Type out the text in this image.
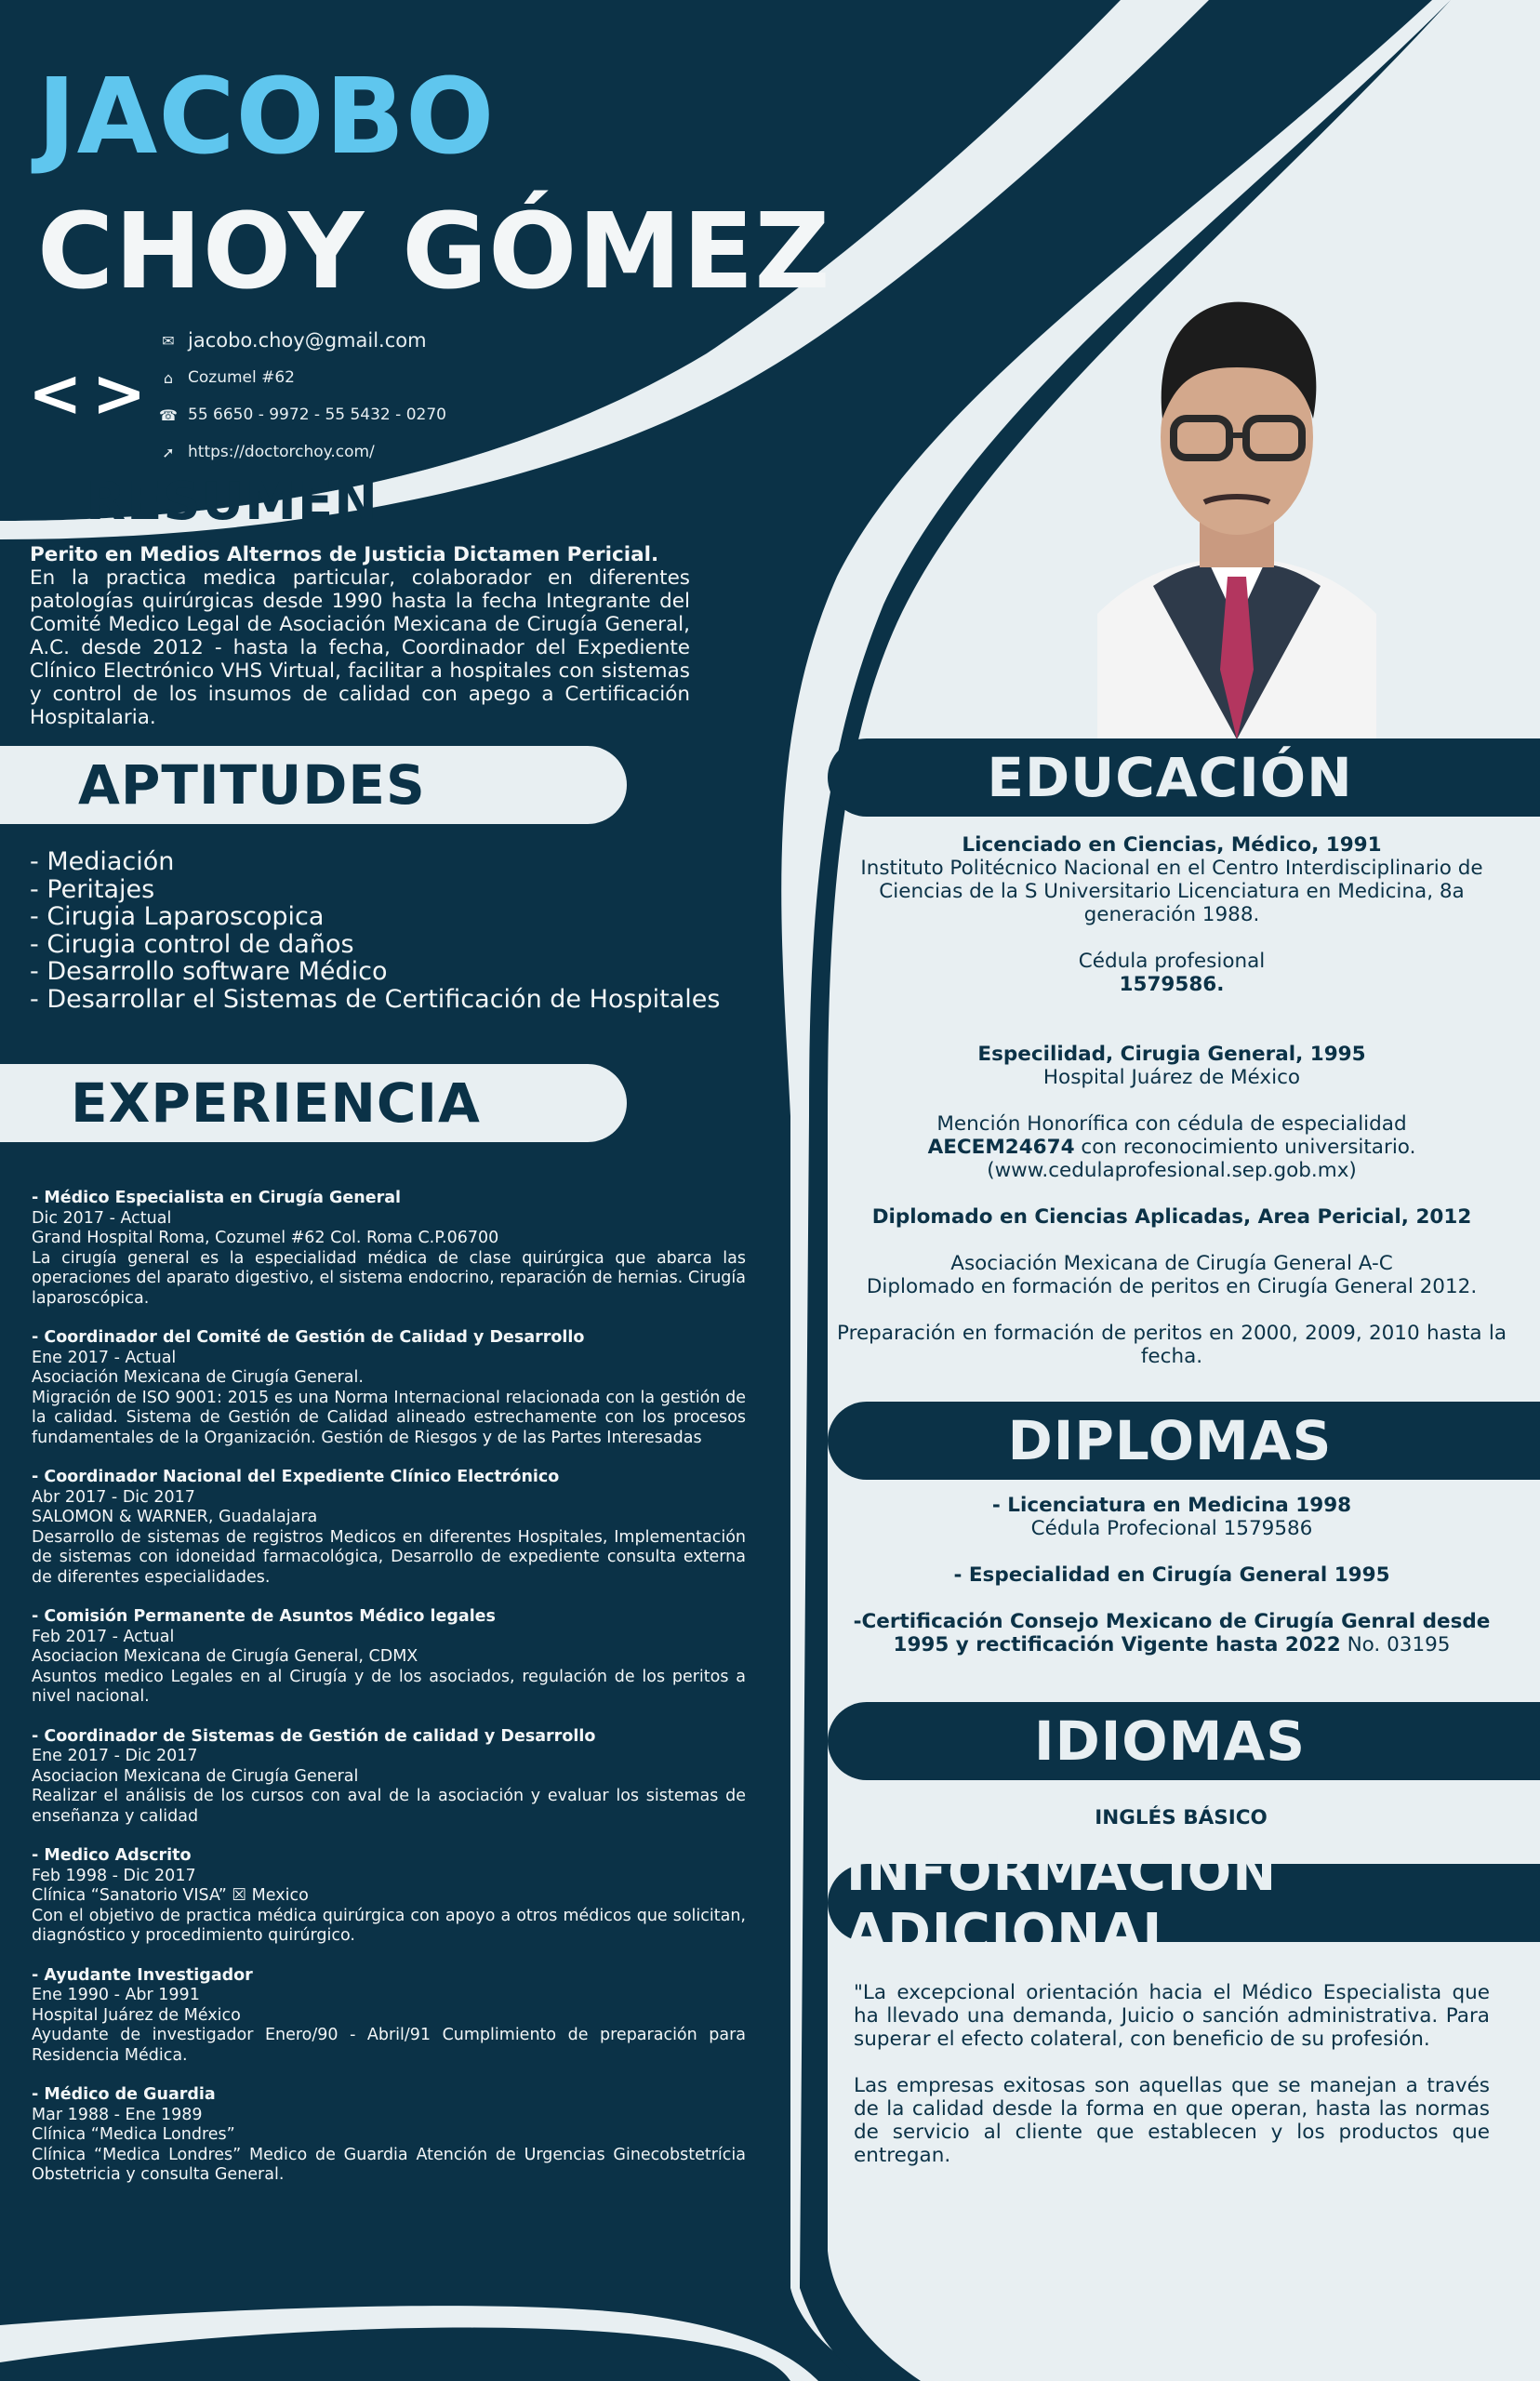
JACOBO
CHOY GÓMEZ
<>
✉ jacobo.choy@gmail.com
⌂ Cozumel #62
☎ 55 6650 - 9972 - 55 5432 - 0270
➚ https://doctorchoy.com/
RESUMEN
Perito en Medios Alternos de Justicia Dictamen Pericial.
En la practica medica particular, colaborador en diferentes patologías quirúrgicas desde 1990 hasta la fecha Integrante del Comité Medico Legal de Asociación Mexicana de Cirugía General, A.C. desde 2012 - hasta la fecha, Coordinador del Expediente Clínico Electrónico VHS Virtual, facilitar a hospitales con sistemas y control de los insumos de calidad con apego a Certificación Hospitalaria.
APTITUDES
- Mediación
- Peritajes
- Cirugia Laparoscopica
- Cirugia control de daños
- Desarrollo software Médico
- Desarrollar el Sistemas de Certificación de Hospitales
EXPERIENCIA
- Médico Especialista en Cirugía General
Dic 2017 - Actual
Grand Hospital Roma, Cozumel #62 Col. Roma C.P.06700
La cirugía general es la especialidad médica de clase quirúrgica que abarca las operaciones del aparato digestivo, el sistema endocrino, reparación de hernias. Cirugía laparoscópica.
- Coordinador del Comité de Gestión de Calidad y Desarrollo
Ene 2017 - Actual
Asociación Mexicana de Cirugía General.
Migración de ISO 9001: 2015 es una Norma Internacional relacionada con la gestión de la calidad. Sistema de Gestión de Calidad alineado estrechamente con los procesos fundamentales de la Organización. Gestión de Riesgos y de las Partes Interesadas
- Coordinador Nacional del Expediente Clínico Electrónico
Abr 2017 - Dic 2017
SALOMON & WARNER, Guadalajara
Desarrollo de sistemas de registros Medicos en diferentes Hospitales, Implementación de sistemas con idoneidad farmacológica, Desarrollo de expediente consulta externa de diferentes especialidades.
- Comisión Permanente de Asuntos Médico legales
Feb 2017 - Actual
Asociacion Mexicana de Cirugía General, CDMX
Asuntos medico Legales en al Cirugía y de los asociados, regulación de los peritos a nivel nacional.
- Coordinador de Sistemas de Gestión de calidad y Desarrollo
Ene 2017 - Dic 2017
Asociacion Mexicana de Cirugía General
Realizar el análisis de los cursos con aval de la asociación y evaluar los sistemas de enseñanza y calidad
- Medico Adscrito
Feb 1998 - Dic 2017
Clínica “Sanatorio VISA” ☒ Mexico
Con el objetivo de practica médica quirúrgica con apoyo a otros médicos que solicitan, diagnóstico y procedimiento quirúrgico.
- Ayudante Investigador
Ene 1990 - Abr 1991
Hospital Juárez de México
Ayudante de investigador Enero/90 - Abril/91 Cumplimiento de preparación para Residencia Médica.
- Médico de Guardia
Mar 1988 - Ene 1989
Clínica “Medica Londres”
Clínica “Medica Londres” Medico de Guardia Atención de Urgencias Ginecobstetrícia Obstetricia y consulta General.
EDUCACIÓN

Licenciado en Ciencias, Médico, 1991
Instituto Politécnico Nacional en el Centro Interdisciplinario de Ciencias de la S Universitario Licenciatura en Medicina, 8a generación 1988.

Cédula profesional
1579586.

Especilidad, Cirugia General, 1995
Hospital Juárez de México

Mención Honorífica con cédula de especialidad
AECEM24674 con reconocimiento universitario.
(www.cedulaprofesional.sep.gob.mx)

Diplomado en Ciencias Aplicadas, Area Pericial, 2012

Asociación Mexicana de Cirugía General A-C
Diplomado en formación de peritos en Cirugía General 2012.

Preparación en formación de peritos en 2000, 2009, 2010 hasta la fecha.

DIPLOMAS

- Licenciatura en Medicina 1998
Cédula Profecional 1579586

- Especialidad en Cirugía General 1995

-Certificación Consejo Mexicano de Cirugía Genral desde 1995 y rectificación Vigente hasta 2022 No. 03195

IDIOMAS
INGLÉS BÁSICO
INFORMACIÓN ADICIONAL

"La excepcional orientación hacia el Médico Especialista que ha llevado una demanda, Juicio o sanción administrativa. Para superar el efecto colateral, con beneficio de su profesión.

Las empresas exitosas son aquellas que se manejan a través de la calidad desde la forma en que operan, hasta las normas de servicio al cliente que establecen y los productos que entregan.
